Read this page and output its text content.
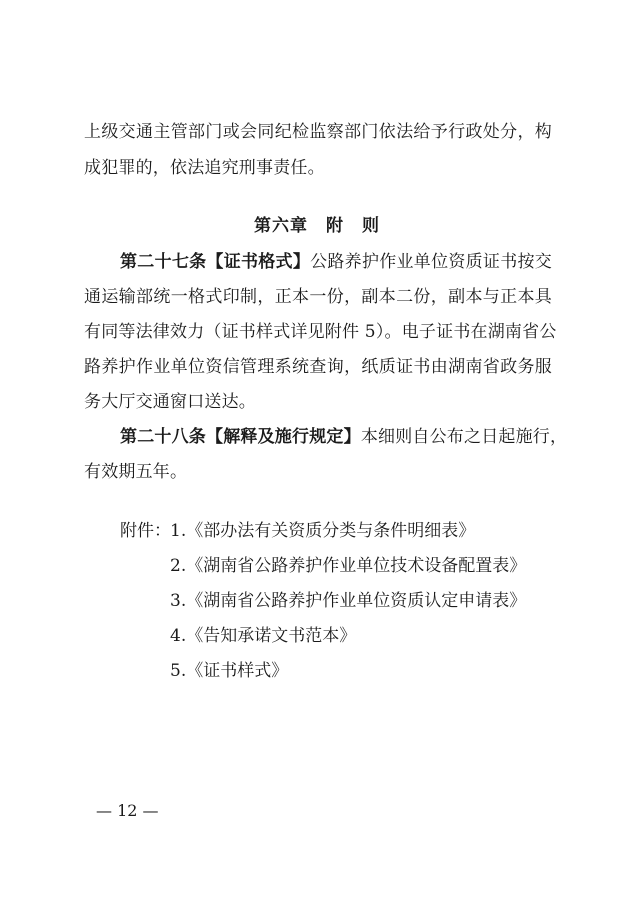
上级交通主管部门或会同纪检监察部门依法给予行政处分，构
成犯罪的，依法追究刑事责任。
第六章　附　则
第二十七条【证书格式】公路养护作业单位资质证书按交
通运输部统一格式印制，正本一份，副本二份，副本与正本具
有同等法律效力（证书样式详见附件 5）。电子证书在湖南省公
路养护作业单位资信管理系统查询，纸质证书由湖南省政务服
务大厅交通窗口送达。
第二十八条【解释及施行规定】本细则自公布之日起施行，
有效期五年。
附件： 1.《部办法有关资质分类与条件明细表》
2.《湖南省公路养护作业单位技术设备配置表》
3.《湖南省公路养护作业单位资质认定申请表》
4.《告知承诺文书范本》
5.《证书样式》
— 12 —
